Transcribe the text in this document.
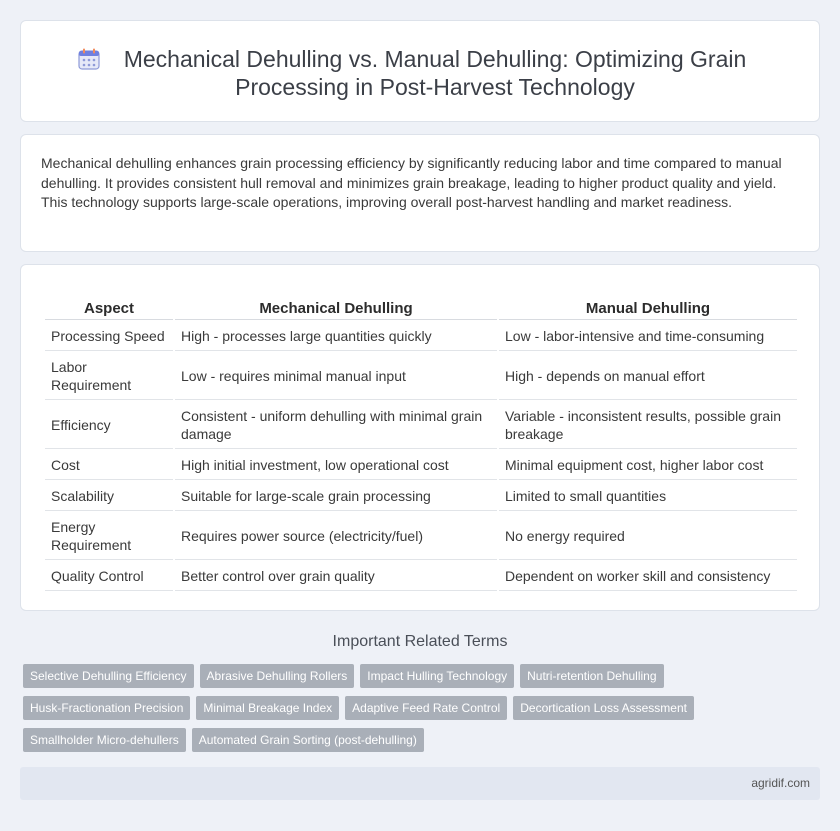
Mechanical Dehulling vs. Manual Dehulling: Optimizing Grain Processing in Post-Harvest Technology

Mechanical dehulling enhances grain processing efficiency by significantly reducing labor and time compared to manual dehulling. It provides consistent hull removal and minimizes grain breakage, leading to higher product quality and yield. This technology supports large-scale operations, improving overall post-harvest handling and market readiness.

Aspect	Mechanical Dehulling	Manual Dehulling
Processing Speed	High - processes large quantities quickly	Low - labor-intensive and time-consuming
Labor Requirement	Low - requires minimal manual input	High - depends on manual effort
Efficiency	Consistent - uniform dehulling with minimal grain damage	Variable - inconsistent results, possible grain breakage
Cost	High initial investment, low operational cost	Minimal equipment cost, higher labor cost
Scalability	Suitable for large-scale grain processing	Limited to small quantities
Energy Requirement	Requires power source (electricity/fuel)	No energy required
Quality Control	Better control over grain quality	Dependent on worker skill and consistency
Important Related Terms
Selective Dehulling Efficiency	Abrasive Dehulling Rollers	Impact Hulling Technology	Nutri-retention Dehulling
Husk-Fractionation Precision	Minimal Breakage Index	Adaptive Feed Rate Control	Decortication Loss Assessment
Smallholder Micro-dehullers	Automated Grain Sorting (post-dehulling)
agridif.com
